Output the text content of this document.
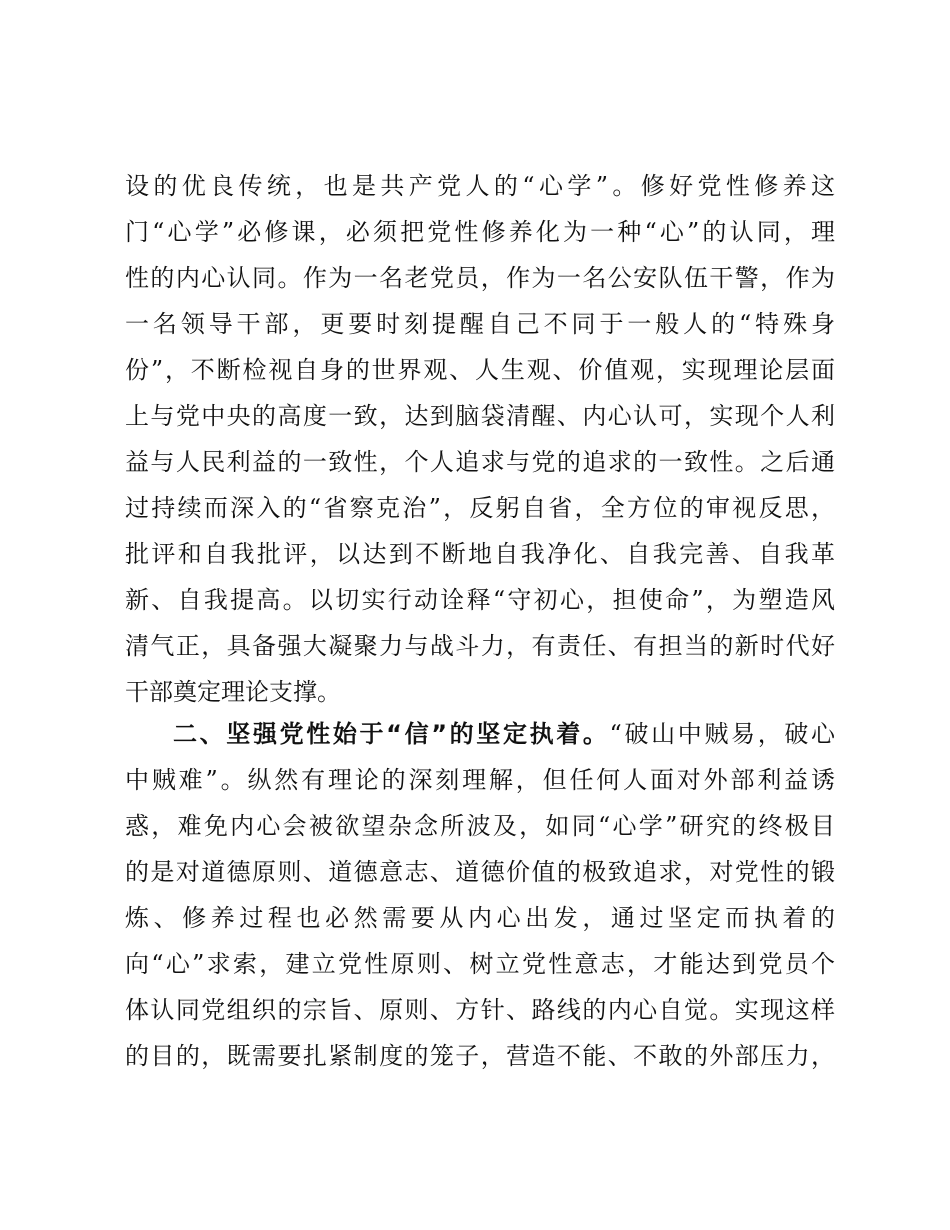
设的优良传统，也是共产党人的“心学”。修好党性修养这
门“心学”必修课，必须把党性修养化为一种“心”的认同，理
性的内心认同。作为一名老党员，作为一名公安队伍干警，作为
一名领导干部，更要时刻提醒自己不同于一般人的“特殊身
份”，不断检视自身的世界观、人生观、价值观，实现理论层面
上与党中央的高度一致，达到脑袋清醒、内心认可，实现个人利
益与人民利益的一致性，个人追求与党的追求的一致性。之后通
过持续而深入的“省察克治”，反躬自省，全方位的审视反思，
批评和自我批评，以达到不断地自我净化、自我完善、自我革
新、自我提高。以切实行动诠释“守初心，担使命”，为塑造风
清气正，具备强大凝聚力与战斗力，有责任、有担当的新时代好
干部奠定理论支撑。
二、坚强党性始于“信”的坚定执着。“破山中贼易，破心
中贼难”。纵然有理论的深刻理解，但任何人面对外部利益诱
惑，难免内心会被欲望杂念所波及，如同“心学”研究的终极目
的是对道德原则、道德意志、道德价值的极致追求，对党性的锻
炼、修养过程也必然需要从内心出发，通过坚定而执着的
向“心”求索，建立党性原则、树立党性意志，才能达到党员个
体认同党组织的宗旨、原则、方针、路线的内心自觉。实现这样
的目的，既需要扎紧制度的笼子，营造不能、不敢的外部压力，
